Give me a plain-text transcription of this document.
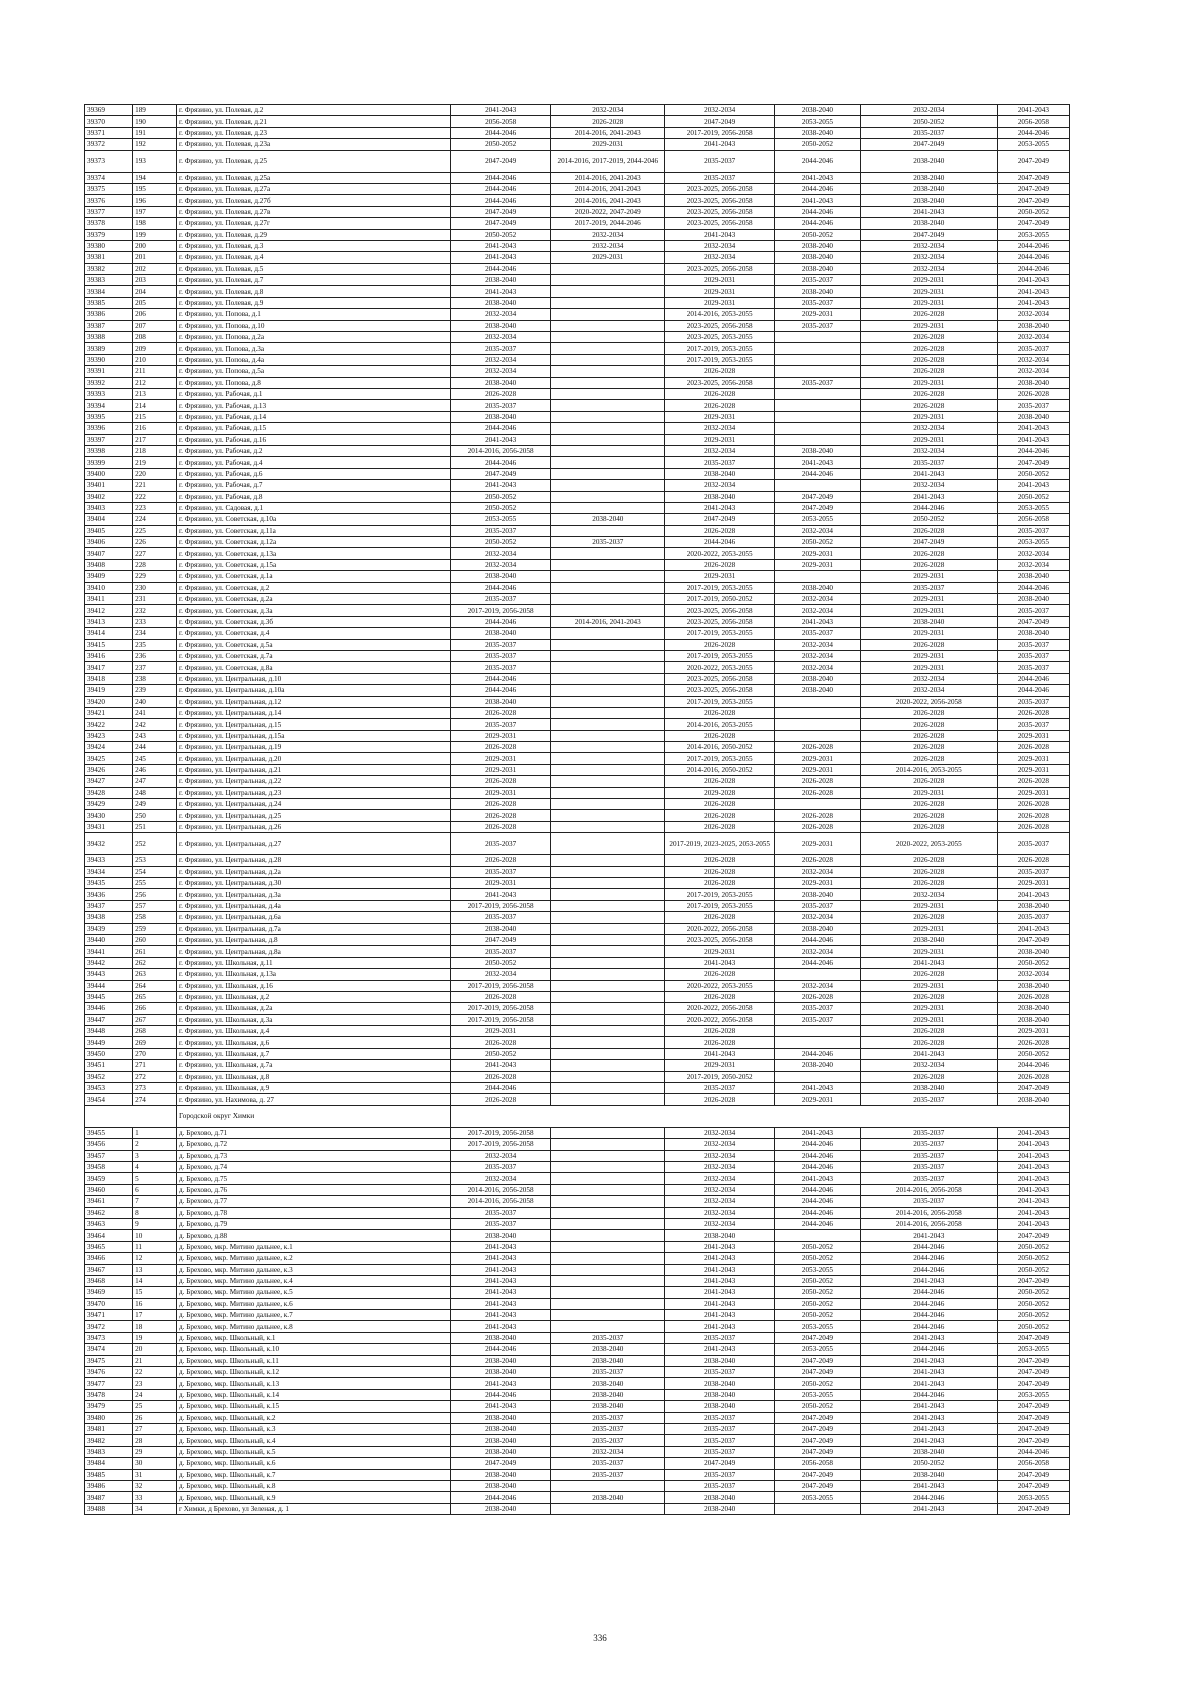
39369	189	г. Фрязино, ул. Полевая, д.2	2041-2043	2032-2034	2032-2034	2038-2040	2032-2034	2041-2043
39370	190	г. Фрязино, ул. Полевая, д.21	2056-2058	2026-2028	2047-2049	2053-2055	2050-2052	2056-2058
39371	191	г. Фрязино, ул. Полевая, д.23	2044-2046	2014-2016, 2041-2043	2017-2019, 2056-2058	2038-2040	2035-2037	2044-2046
39372	192	г. Фрязино, ул. Полевая, д.23а	2050-2052	2029-2031	2041-2043	2050-2052	2047-2049	2053-2055
39373	193	г. Фрязино, ул. Полевая, д.25	2047-2049	2014-2016, 2017-2019, 2044-2046	2035-2037	2044-2046	2038-2040	2047-2049
39374	194	г. Фрязино, ул. Полевая, д.25а	2044-2046	2014-2016, 2041-2043	2035-2037	2041-2043	2038-2040	2047-2049
39375	195	г. Фрязино, ул. Полевая, д.27а	2044-2046	2014-2016, 2041-2043	2023-2025, 2056-2058	2044-2046	2038-2040	2047-2049
39376	196	г. Фрязино, ул. Полевая, д.27б	2044-2046	2014-2016, 2041-2043	2023-2025, 2056-2058	2041-2043	2038-2040	2047-2049
39377	197	г. Фрязино, ул. Полевая, д.27в	2047-2049	2020-2022, 2047-2049	2023-2025, 2056-2058	2044-2046	2041-2043	2050-2052
39378	198	г. Фрязино, ул. Полевая, д.27г	2047-2049	2017-2019, 2044-2046	2023-2025, 2056-2058	2044-2046	2038-2040	2047-2049
39379	199	г. Фрязино, ул. Полевая, д.29	2050-2052	2032-2034	2041-2043	2050-2052	2047-2049	2053-2055
39380	200	г. Фрязино, ул. Полевая, д.3	2041-2043	2032-2034	2032-2034	2038-2040	2032-2034	2044-2046
39381	201	г. Фрязино, ул. Полевая, д.4	2041-2043	2029-2031	2032-2034	2038-2040	2032-2034	2044-2046
39382	202	г. Фрязино, ул. Полевая, д.5	2044-2046		2023-2025, 2056-2058	2038-2040	2032-2034	2044-2046
39383	203	г. Фрязино, ул. Полевая, д.7	2038-2040		2029-2031	2035-2037	2029-2031	2041-2043
39384	204	г. Фрязино, ул. Полевая, д.8	2041-2043		2029-2031	2038-2040	2029-2031	2041-2043
39385	205	г. Фрязино, ул. Полевая, д.9	2038-2040		2029-2031	2035-2037	2029-2031	2041-2043
39386	206	г. Фрязино, ул. Попова, д.1	2032-2034		2014-2016, 2053-2055	2029-2031	2026-2028	2032-2034
39387	207	г. Фрязино, ул. Попова, д.10	2038-2040		2023-2025, 2056-2058	2035-2037	2029-2031	2038-2040
39388	208	г. Фрязино, ул. Попова, д.2а	2032-2034		2023-2025, 2053-2055		2026-2028	2032-2034
39389	209	г. Фрязино, ул. Попова, д.3а	2035-2037		2017-2019, 2053-2055		2026-2028	2035-2037
39390	210	г. Фрязино, ул. Попова, д.4а	2032-2034		2017-2019, 2053-2055		2026-2028	2032-2034
39391	211	г. Фрязино, ул. Попова, д.5а	2032-2034		2026-2028		2026-2028	2032-2034
39392	212	г. Фрязино, ул. Попова, д.8	2038-2040		2023-2025, 2056-2058	2035-2037	2029-2031	2038-2040
39393	213	г. Фрязино, ул. Рабочая, д.1	2026-2028		2026-2028		2026-2028	2026-2028
39394	214	г. Фрязино, ул. Рабочая, д.13	2035-2037		2026-2028		2026-2028	2035-2037
39395	215	г. Фрязино, ул. Рабочая, д.14	2038-2040		2029-2031		2029-2031	2038-2040
39396	216	г. Фрязино, ул. Рабочая, д.15	2044-2046		2032-2034		2032-2034	2041-2043
39397	217	г. Фрязино, ул. Рабочая, д.16	2041-2043		2029-2031		2029-2031	2041-2043
39398	218	г. Фрязино, ул. Рабочая, д.2	2014-2016, 2056-2058		2032-2034	2038-2040	2032-2034	2044-2046
39399	219	г. Фрязино, ул. Рабочая, д.4	2044-2046		2035-2037	2041-2043	2035-2037	2047-2049
39400	220	г. Фрязино, ул. Рабочая, д.6	2047-2049		2038-2040	2044-2046	2041-2043	2050-2052
39401	221	г. Фрязино, ул. Рабочая, д.7	2041-2043		2032-2034		2032-2034	2041-2043
39402	222	г. Фрязино, ул. Рабочая, д.8	2050-2052		2038-2040	2047-2049	2041-2043	2050-2052
39403	223	г. Фрязино, ул. Садовая, д.1	2050-2052		2041-2043	2047-2049	2044-2046	2053-2055
39404	224	г. Фрязино, ул. Советская, д.10а	2053-2055	2038-2040	2047-2049	2053-2055	2050-2052	2056-2058
39405	225	г. Фрязино, ул. Советская, д.11а	2035-2037		2026-2028	2032-2034	2026-2028	2035-2037
39406	226	г. Фрязино, ул. Советская, д.12а	2050-2052	2035-2037	2044-2046	2050-2052	2047-2049	2053-2055
39407	227	г. Фрязино, ул. Советская, д.13а	2032-2034		2020-2022, 2053-2055	2029-2031	2026-2028	2032-2034
39408	228	г. Фрязино, ул. Советская, д.15а	2032-2034		2026-2028	2029-2031	2026-2028	2032-2034
39409	229	г. Фрязино, ул. Советская, д.1а	2038-2040		2029-2031		2029-2031	2038-2040
39410	230	г. Фрязино, ул. Советская, д.2	2044-2046		2017-2019, 2053-2055	2038-2040	2035-2037	2044-2046
39411	231	г. Фрязино, ул. Советская, д.2а	2035-2037		2017-2019, 2050-2052	2032-2034	2029-2031	2038-2040
39412	232	г. Фрязино, ул. Советская, д.3а	2017-2019, 2056-2058		2023-2025, 2056-2058	2032-2034	2029-2031	2035-2037
39413	233	г. Фрязино, ул. Советская, д.3б	2044-2046	2014-2016, 2041-2043	2023-2025, 2056-2058	2041-2043	2038-2040	2047-2049
39414	234	г. Фрязино, ул. Советская, д.4	2038-2040		2017-2019, 2053-2055	2035-2037	2029-2031	2038-2040
39415	235	г. Фрязино, ул. Советская, д.5а	2035-2037		2026-2028	2032-2034	2026-2028	2035-2037
39416	236	г. Фрязино, ул. Советская, д.7а	2035-2037		2017-2019, 2053-2055	2032-2034	2029-2031	2035-2037
39417	237	г. Фрязино, ул. Советская, д.8а	2035-2037		2020-2022, 2053-2055	2032-2034	2029-2031	2035-2037
39418	238	г. Фрязино, ул. Центральная, д.10	2044-2046		2023-2025, 2056-2058	2038-2040	2032-2034	2044-2046
39419	239	г. Фрязино, ул. Центральная, д.10а	2044-2046		2023-2025, 2056-2058	2038-2040	2032-2034	2044-2046
39420	240	г. Фрязино, ул. Центральная, д.12	2038-2040		2017-2019, 2053-2055		2020-2022, 2056-2058	2035-2037
39421	241	г. Фрязино, ул. Центральная, д.14	2026-2028		2026-2028		2026-2028	2026-2028
39422	242	г. Фрязино, ул. Центральная, д.15	2035-2037		2014-2016, 2053-2055		2026-2028	2035-2037
39423	243	г. Фрязино, ул. Центральная, д.15а	2029-2031		2026-2028		2026-2028	2029-2031
39424	244	г. Фрязино, ул. Центральная, д.19	2026-2028		2014-2016, 2050-2052	2026-2028	2026-2028	2026-2028
39425	245	г. Фрязино, ул. Центральная, д.20	2029-2031		2017-2019, 2053-2055	2029-2031	2026-2028	2029-2031
39426	246	г. Фрязино, ул. Центральная, д.21	2029-2031		2014-2016, 2050-2052	2029-2031	2014-2016, 2053-2055	2029-2031
39427	247	г. Фрязино, ул. Центральная, д.22	2026-2028		2026-2028	2026-2028	2026-2028	2026-2028
39428	248	г. Фрязино, ул. Центральная, д.23	2029-2031		2029-2028	2026-2028	2029-2031	2029-2031
39429	249	г. Фрязино, ул. Центральная, д.24	2026-2028		2026-2028		2026-2028	2026-2028
39430	250	г. Фрязино, ул. Центральная, д.25	2026-2028		2026-2028	2026-2028	2026-2028	2026-2028
39431	251	г. Фрязино, ул. Центральная, д.26	2026-2028		2026-2028	2026-2028	2026-2028	2026-2028
39432	252	г. Фрязино, ул. Центральная, д.27	2035-2037		2017-2019, 2023-2025, 2053-2055	2029-2031	2020-2022, 2053-2055	2035-2037
39433	253	г. Фрязино, ул. Центральная, д.28	2026-2028		2026-2028	2026-2028	2026-2028	2026-2028
39434	254	г. Фрязино, ул. Центральная, д.2а	2035-2037		2026-2028	2032-2034	2026-2028	2035-2037
39435	255	г. Фрязино, ул. Центральная, д.30	2029-2031		2026-2028	2029-2031	2026-2028	2029-2031
39436	256	г. Фрязино, ул. Центральная, д.3а	2041-2043		2017-2019, 2053-2055	2038-2040	2032-2034	2041-2043
39437	257	г. Фрязино, ул. Центральная, д.4а	2017-2019, 2056-2058		2017-2019, 2053-2055	2035-2037	2029-2031	2038-2040
39438	258	г. Фрязино, ул. Центральная, д.6а	2035-2037		2026-2028	2032-2034	2026-2028	2035-2037
39439	259	г. Фрязино, ул. Центральная, д.7а	2038-2040		2020-2022, 2056-2058	2038-2040	2029-2031	2041-2043
39440	260	г. Фрязино, ул. Центральная, д.8	2047-2049		2023-2025, 2056-2058	2044-2046	2038-2040	2047-2049
39441	261	г. Фрязино, ул. Центральная, д.8а	2035-2037		2029-2031	2032-2034	2029-2031	2038-2040
39442	262	г. Фрязино, ул. Школьная, д.11	2050-2052		2041-2043	2044-2046	2041-2043	2050-2052
39443	263	г. Фрязино, ул. Школьная, д.13а	2032-2034		2026-2028		2026-2028	2032-2034
39444	264	г. Фрязино, ул. Школьная, д.16	2017-2019, 2056-2058		2020-2022, 2053-2055	2032-2034	2029-2031	2038-2040
39445	265	г. Фрязино, ул. Школьная, д.2	2026-2028		2026-2028	2026-2028	2026-2028	2026-2028
39446	266	г. Фрязино, ул. Школьная, д.2а	2017-2019, 2056-2058		2020-2022, 2056-2058	2035-2037	2029-2031	2038-2040
39447	267	г. Фрязино, ул. Школьная, д.3а	2017-2019, 2056-2058		2020-2022, 2056-2058	2035-2037	2029-2031	2038-2040
39448	268	г. Фрязино, ул. Школьная, д.4	2029-2031		2026-2028		2026-2028	2029-2031
39449	269	г. Фрязино, ул. Школьная, д.6	2026-2028		2026-2028		2026-2028	2026-2028
39450	270	г. Фрязино, ул. Школьная, д.7	2050-2052		2041-2043	2044-2046	2041-2043	2050-2052
39451	271	г. Фрязино, ул. Школьная, д.7а	2041-2043		2029-2031	2038-2040	2032-2034	2044-2046
39452	272	г. Фрязино, ул. Школьная, д.8	2026-2028		2017-2019, 2050-2052		2026-2028	2026-2028
39453	273	г. Фрязино, ул. Школьная, д.9	2044-2046		2035-2037	2041-2043	2038-2040	2047-2049
39454	274	г. Фрязино, ул. Нахимова, д. 27	2026-2028		2026-2028	2029-2031	2035-2037	2038-2040
		Городской округ Химки						
39455	1	д. Брехово, д.71	2017-2019, 2056-2058		2032-2034	2041-2043	2035-2037	2041-2043
39456	2	д. Брехово, д.72	2017-2019, 2056-2058		2032-2034	2044-2046	2035-2037	2041-2043
39457	3	д. Брехово, д.73	2032-2034		2032-2034	2044-2046	2035-2037	2041-2043
39458	4	д. Брехово, д.74	2035-2037		2032-2034	2044-2046	2035-2037	2041-2043
39459	5	д. Брехово, д.75	2032-2034		2032-2034	2041-2043	2035-2037	2041-2043
39460	6	д. Брехово, д.76	2014-2016, 2056-2058		2032-2034	2044-2046	2014-2016, 2056-2058	2041-2043
39461	7	д. Брехово, д.77	2014-2016, 2056-2058		2032-2034	2044-2046	2035-2037	2041-2043
39462	8	д. Брехово, д.78	2035-2037		2032-2034	2044-2046	2014-2016, 2056-2058	2041-2043
39463	9	д. Брехово, д.79	2035-2037		2032-2034	2044-2046	2014-2016, 2056-2058	2041-2043
39464	10	д. Брехово, д.88	2038-2040		2038-2040		2041-2043	2047-2049
39465	11	д. Брехово, мкр. Митино дальнее, к.1	2041-2043		2041-2043	2050-2052	2044-2046	2050-2052
39466	12	д. Брехово, мкр. Митино дальнее, к.2	2041-2043		2041-2043	2050-2052	2044-2046	2050-2052
39467	13	д. Брехово, мкр. Митино дальнее, к.3	2041-2043		2041-2043	2053-2055	2044-2046	2050-2052
39468	14	д. Брехово, мкр. Митино дальнее, к.4	2041-2043		2041-2043	2050-2052	2041-2043	2047-2049
39469	15	д. Брехово, мкр. Митино дальнее, к.5	2041-2043		2041-2043	2050-2052	2044-2046	2050-2052
39470	16	д. Брехово, мкр. Митино дальнее, к.6	2041-2043		2041-2043	2050-2052	2044-2046	2050-2052
39471	17	д. Брехово, мкр. Митино дальнее, к.7	2041-2043		2041-2043	2050-2052	2044-2046	2050-2052
39472	18	д. Брехово, мкр. Митино дальнее, к.8	2041-2043		2041-2043	2053-2055	2044-2046	2050-2052
39473	19	д. Брехово, мкр. Школьный, к.1	2038-2040	2035-2037	2035-2037	2047-2049	2041-2043	2047-2049
39474	20	д. Брехово, мкр. Школьный, к.10	2044-2046	2038-2040	2041-2043	2053-2055	2044-2046	2053-2055
39475	21	д. Брехово, мкр. Школьный, к.11	2038-2040	2038-2040	2038-2040	2047-2049	2041-2043	2047-2049
39476	22	д. Брехово, мкр. Школьный, к.12	2038-2040	2035-2037	2035-2037	2047-2049	2041-2043	2047-2049
39477	23	д. Брехово, мкр. Школьный, к.13	2041-2043	2038-2040	2038-2040	2050-2052	2041-2043	2047-2049
39478	24	д. Брехово, мкр. Школьный, к.14	2044-2046	2038-2040	2038-2040	2053-2055	2044-2046	2053-2055
39479	25	д. Брехово, мкр. Школьный, к.15	2041-2043	2038-2040	2038-2040	2050-2052	2041-2043	2047-2049
39480	26	д. Брехово, мкр. Школьный, к.2	2038-2040	2035-2037	2035-2037	2047-2049	2041-2043	2047-2049
39481	27	д. Брехово, мкр. Школьный, к.3	2038-2040	2035-2037	2035-2037	2047-2049	2041-2043	2047-2049
39482	28	д. Брехово, мкр. Школьный, к.4	2038-2040	2035-2037	2035-2037	2047-2049	2041-2043	2047-2049
39483	29	д. Брехово, мкр. Школьный, к.5	2038-2040	2032-2034	2035-2037	2047-2049	2038-2040	2044-2046
39484	30	д. Брехово, мкр. Школьный, к.6	2047-2049	2035-2037	2047-2049	2056-2058	2050-2052	2056-2058
39485	31	д. Брехово, мкр. Школьный, к.7	2038-2040	2035-2037	2035-2037	2047-2049	2038-2040	2047-2049
39486	32	д. Брехово, мкр. Школьный, к.8	2038-2040		2035-2037	2047-2049	2041-2043	2047-2049
39487	33	д. Брехово, мкр. Школьный, к.9	2044-2046	2038-2040	2038-2040	2053-2055	2044-2046	2053-2055
39488	34	г Химки, д Брехово, ул Зеленая, д. 1	2038-2040		2038-2040		2041-2043	2047-2049
336
